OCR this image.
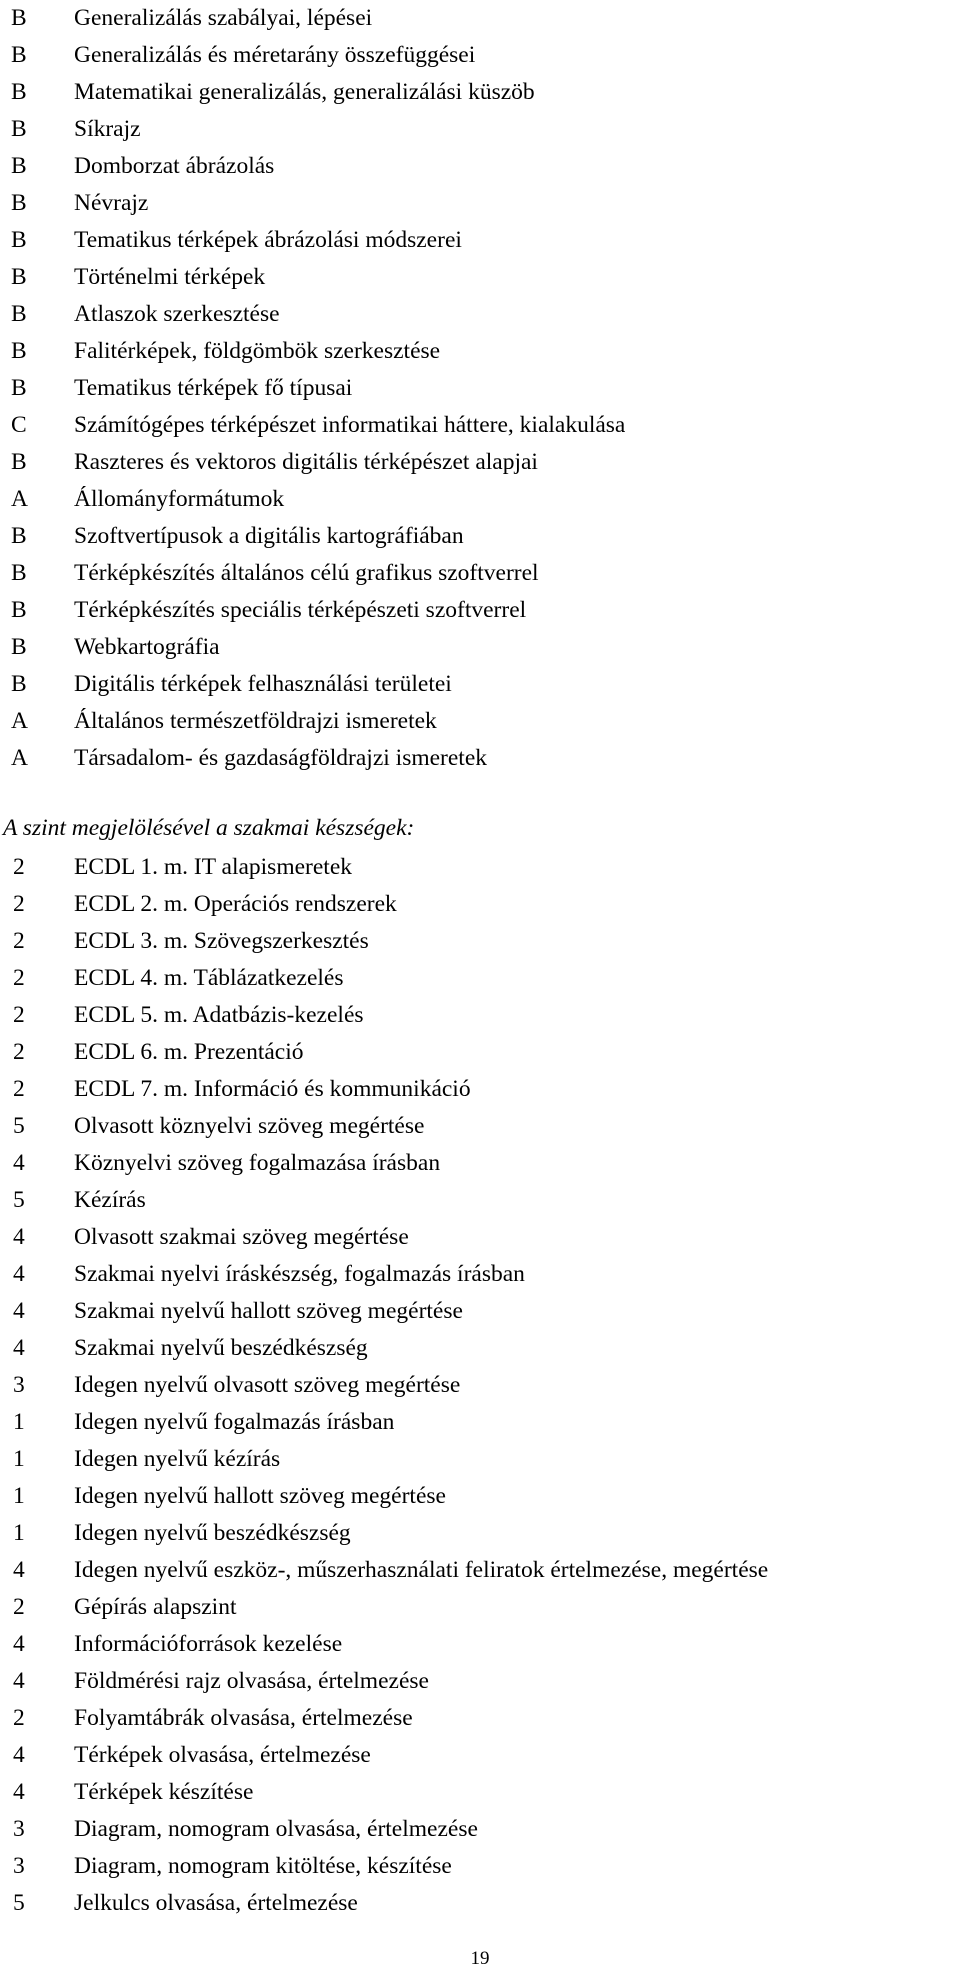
B	Generalizálás szabályai, lépései
B	Generalizálás és méretarány összefüggései
B	Matematikai generalizálás, generalizálási küszöb
B	Síkrajz
B	Domborzat ábrázolás
B	Névrajz
B	Tematikus térképek ábrázolási módszerei
B	Történelmi térképek
B	Atlaszok szerkesztése
B	Falitérképek, földgömbök szerkesztése
B	Tematikus térképek fő típusai
C	Számítógépes térképészet informatikai háttere, kialakulása
B	Raszteres és vektoros digitális térképészet alapjai
A	Állományformátumok
B	Szoftvertípusok a digitális kartográfiában
B	Térképkészítés általános célú grafikus szoftverrel
B	Térképkészítés speciális térképészeti szoftverrel
B	Webkartográfia
B	Digitális térképek felhasználási területei
A	Általános természetföldrajzi ismeretek
A	Társadalom- és gazdaságföldrajzi ismeretek
A szint megjelölésével a szakmai készségek:
2	ECDL 1. m. IT alapismeretek
2	ECDL 2. m. Operációs rendszerek
2	ECDL 3. m. Szövegszerkesztés
2	ECDL 4. m. Táblázatkezelés
2	ECDL 5. m. Adatbázis-kezelés
2	ECDL 6. m. Prezentáció
2	ECDL 7. m. Információ és kommunikáció
5	Olvasott köznyelvi szöveg megértése
4	Köznyelvi szöveg fogalmazása írásban
5	Kézírás
4	Olvasott szakmai szöveg megértése
4	Szakmai nyelvi íráskészség, fogalmazás írásban
4	Szakmai nyelvű hallott szöveg megértése
4	Szakmai nyelvű beszédkészség
3	Idegen nyelvű olvasott szöveg megértése
1	Idegen nyelvű fogalmazás írásban
1	Idegen nyelvű kézírás
1	Idegen nyelvű hallott szöveg megértése
1	Idegen nyelvű beszédkészség
4	Idegen nyelvű eszköz-, műszerhasználati feliratok értelmezése, megértése
2	Gépírás alapszint
4	Információforrások kezelése
4	Földmérési rajz olvasása, értelmezése
2	Folyamtábrák olvasása, értelmezése
4	Térképek olvasása, értelmezése
4	Térképek készítése
3	Diagram, nomogram olvasása, értelmezése
3	Diagram, nomogram kitöltése, készítése
5	Jelkulcs olvasása, értelmezése
19
